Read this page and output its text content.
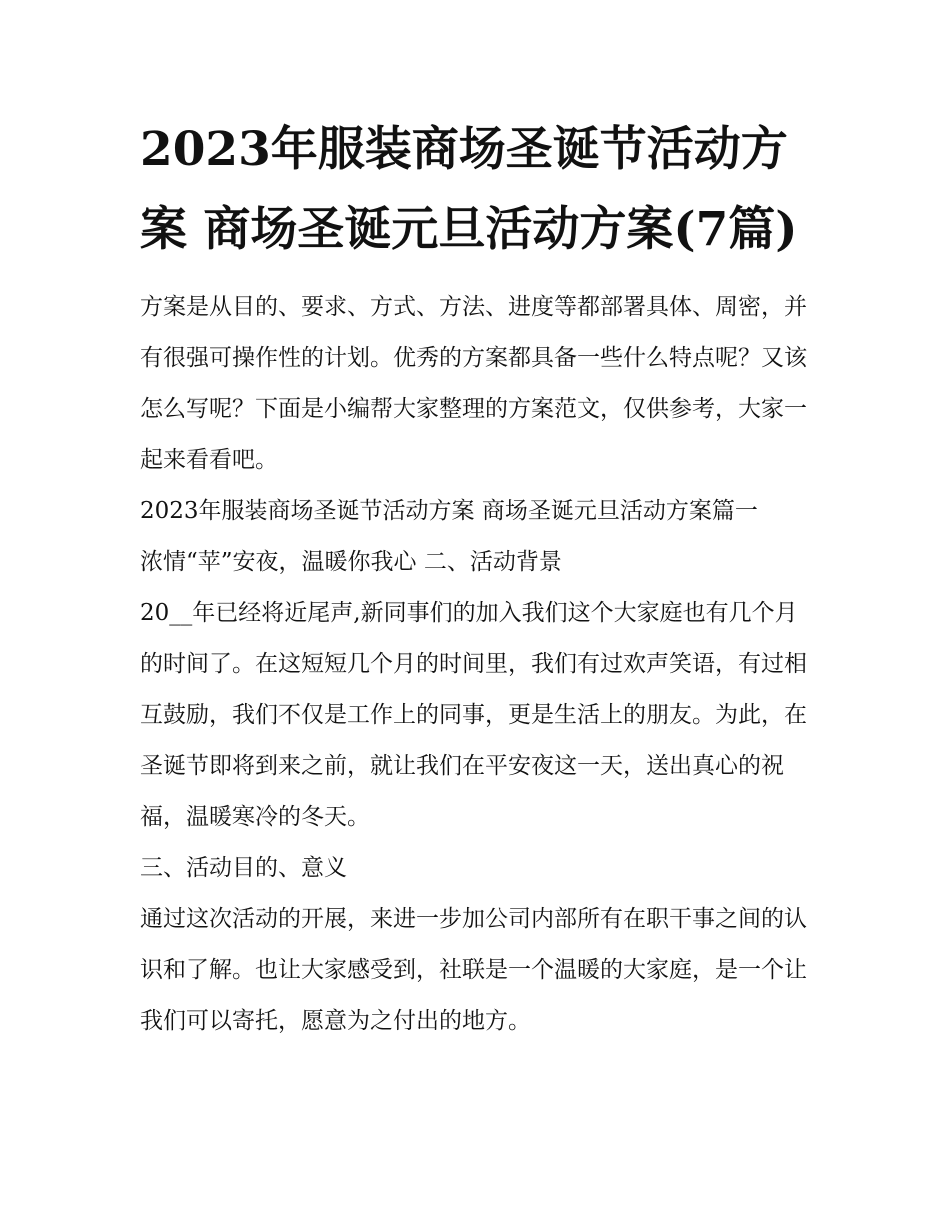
2023年服装商场圣诞节活动方案 商场圣诞元旦活动方案(7篇)

方案是从目的、要求、方式、方法、进度等都部署具体、周密，并有很强可操作性的计划。优秀的方案都具备一些什么特点呢？又该怎么写呢？下面是小编帮大家整理的方案范文，仅供参考，大家一起来看看吧。

2023年服装商场圣诞节活动方案 商场圣诞元旦活动方案篇一

浓情“苹”安夜，温暖你我心 二、活动背景

20__年已经将近尾声,新同事们的加入我们这个大家庭也有几个月的时间了。在这短短几个月的时间里，我们有过欢声笑语，有过相互鼓励，我们不仅是工作上的同事，更是生活上的朋友。为此，在圣诞节即将到来之前，就让我们在平安夜这一天，送出真心的祝福，温暖寒冷的冬天。

三、活动目的、意义

通过这次活动的开展，来进一步加公司内部所有在职干事之间的认识和了解。也让大家感受到，社联是一个温暖的大家庭，是一个让我们可以寄托，愿意为之付出的地方。
